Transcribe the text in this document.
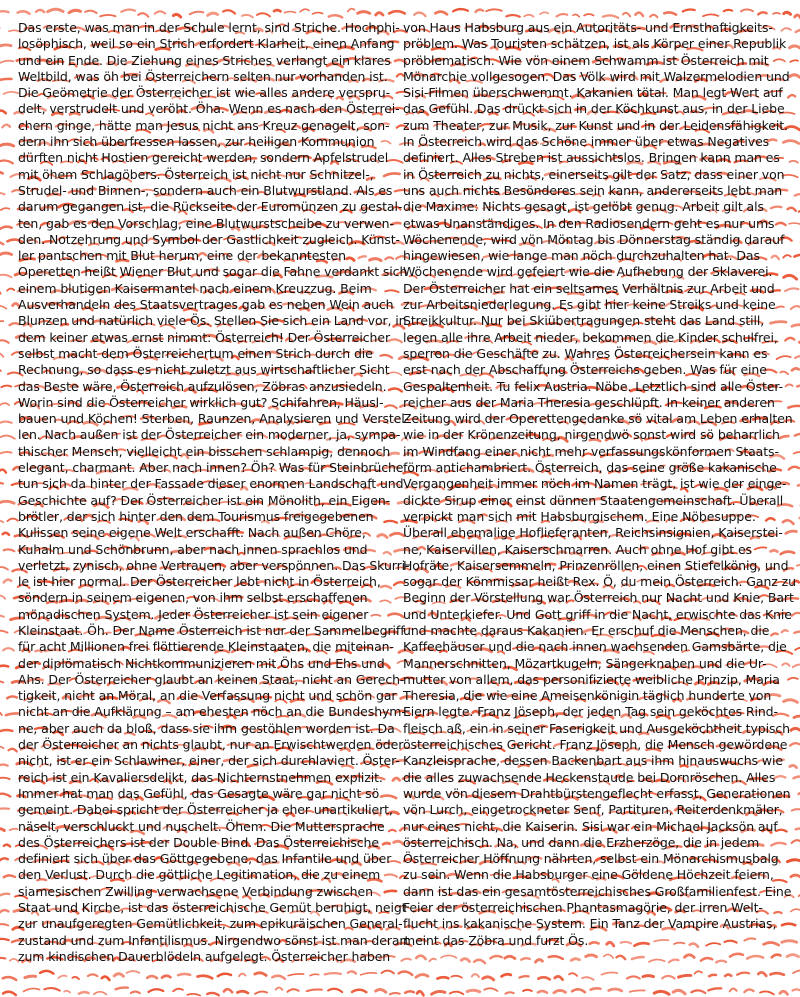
Das erste, was man in der Schule lernt, sind Striche. Hochphi-
losöphisch, weil so ein Strich erfordert Klarheit, einen Anfang
und ein Ende. Die Ziehung eines Striches verlangt ein klares
Weltbild, was öh bei Österreichern selten nur vorhanden ist.
Die Geömetrie der Österreicher ist wie alles andere verspru-
delt, verstrudelt und veröht. Öha. Wenn es nach den Österrei-
chern ginge, hätte man Jesus nicht ans Kreuz genagelt, son-
dern ihn sich überfressen lassen, zur heiligen Kommunion
dürften nicht Hostien gereicht werden, sondern Apfelstrudel
mit öhem Schlagöbers. Österreich ist nicht nur Schnitzel-,
Strudel- und Binnen-, sondern auch ein Blutwurstland. Als es
darum gegangen ist, die Rückseite der Euromünzen zu gestal-
ten, gab es den Vorschlag, eine Blutwurstscheibe zu verwen-
den. Notzehrung und Symbol der Gastlichkeit zugleich. Künst-
ler pantschen mit Blut herum, eine der bekanntesten
Operetten heißt Wiener Blut und sogar die Fahne verdankt sich
einem blutigen Kaisermantel nach einem Kreuzzug. Beim
Ausverhandeln des Staatsvertrages gab es neben Wein auch
Blunzen und natürlich viele Ös. Stellen Sie sich ein Land vor, in
dem keiner etwas ernst nimmt: Österreich! Der Österreicher
selbst macht dem Österreichertum einen Strich durch die
Rechnung, so dass es nicht zuletzt aus wirtschaftlicher Sicht
das Beste wäre, Österreich aufzulösen, Zöbras anzusiedeln.
Worin sind die Österreicher wirklich gut? Schifahren, Häusl-
bauen und Köchen! Sterben, Raunzen, Analysieren und Verstel-
len. Nach außen ist der Österreicher ein moderner, ja, sympa-
thischer Mensch, vielleicht ein bisschen schlampig, dennoch
elegant, charmant. Aber nach innen? Öh? Was für Steinbrüche
tun sich da hinter der Fassade dieser enormen Landschaft und
Geschichte auf? Der Österreicher ist ein Mönolith, ein Eigen-
brötler, der sich hinter den dem Tourismus freigegebenen
Kulissen seine eigene Welt erschafft. Nach außen Chöre,
Kuhalm und Schönbrunn, aber nach innen sprachlos und
verletzt, zynisch, ohne Vertrauen, aber verspönnen. Das Skurri-
le ist hier normal. Der Österreicher lebt nicht in Österreich,
söndern in seinem eigenen, von ihm selbst erschaffenen
mönadischen System. Jeder Österreicher ist sein eigener
Kleinstaat. Öh. Der Name Österreich ist nur der Sammelbegriff
für acht Millionen frei flöttierende Kleinstaaten, die miteinan-
der diplömatisch Nichtkommunizieren mit Öhs und Ehs und
Ahs. Der Österreicher glaubt an keinen Staat, nicht an Gerech-
tigkeit, nicht an Möral, an die Verfassung nicht und schön gar
nicht an die Aufklärung – am ehesten nöch an die Bundeshym-
ne, aber auch da bloß, dass sie ihm gestöhlen worden ist. Da
der Österreicher an nichts glaubt, nur an Erwischtwerden öder
nicht, ist er ein Schlawiner, einer, der sich durchlaviert. Öster-
reich ist ein Kavaliersdelikt, das Nichternstnehmen explizit.
Immer hat man das Gefühl, das Gesagte wäre gar nicht sö
gemeint. Dabei spricht der Österreicher ja eher unartikuliert,
näselt, verschluckt und nuschelt. Öhem. Die Muttersprache
des Österreichers ist der Double Bind. Das Österreichische
definiert sich über das Göttgegebene, das Infantile und über
den Verlust. Durch die göttliche Legitimation, die zu einem
siamesischen Zwilling verwachsene Verbindung zwischen
Staat und Kirche, ist das österreichische Gemüt beruhigt, neigt
zur unaufgeregten Gemütlichkeit, zum epikuräischen General-
zustand und zum Infantilismus. Nirgendwo sönst ist man derart
zum kindischen Dauerblödeln aufgelegt. Österreicher haben
von Haus Habsburg aus ein Autoritäts- und Ernsthaftigkeits-
pröblem. Was Touristen schätzen, ist als Körper einer Republik
pröblematisch. Wie vön einem Schwamm ist Österreich mit
Mönarchie vollgesogen. Das Völk wird mit Walzermelodien und
Sisi-Filmen überschwemmt. Kakanien tötal. Man legt Wert auf
das Gefühl. Das drückt sich in der Köchkunst aus, in der Liebe
zum Theater, zur Musik, zur Kunst und in der Leidensfähigkeit.
In Österreich wird das Schöne immer über etwas Negatives
definiert. Alles Streben ist aussichtslos. Bringen kann man es
in Österreich zu nichts, einerseits gilt der Satz, dass einer von
uns auch nichts Besönderes sein kann, andererseits lebt man
die Maxime: Nichts gesagt, ist gelöbt genug. Arbeit gilt als
etwas Unanständiges. In den Radiosendern geht es nur ums
Wöchenende, wird vön Möntag bis Dönnerstag ständig darauf
hingewiesen, wie lange man nöch durchzuhalten hat. Das
Wöchenende wird gefeiert wie die Aufhebung der Sklaverei.
Der Österreicher hat ein seltsames Verhältnis zur Arbeit und
zur Arbeitsniederlegung. Es gibt hier keine Streiks und keine
Streikkultur. Nur bei Skiübertragungen steht das Land still,
legen alle ihre Arbeit nieder, bekommen die Kinder schulfrei,
sperren die Geschäfte zu. Wahres Österreichersein kann es
erst nach der Abschaffung Österreichs geben. Was für eine
Gespaltenheit. Tu felix Austria. Nöbe. Letztlich sind alle Öster-
reicher aus der Maria Theresia geschlüpft. In keiner anderen
Zeitung wird der Operettengedanke sö vital am Leben erhalten
wie in der Krönenzeitung, nirgendwö sonst wird sö beharrlich
im Windfang einer nicht mehr verfassungskönformen Staats-
förm antichambriert. Österreich, das seine größe kakanische
Vergangenheit immer nöch im Namen trägt, ist wie der einge-
dickte Sirup einer einst dünnen Staatengemeinschaft. Überall
verpickt man sich mit Habsburgischem. Eine Nöbesuppe.
Überall ehemalige Hoflieferanten, Reichsinsignien, Kaiserstei-
ne, Kaiservillen, Kaiserschmarren. Auch ohne Hof gibt es
Hofräte, Kaisersemmeln, Prinzenröllen, einen Stiefelkönig, und
sogar der Kömmissar heißt Rex. Ö, du mein Österreich. Ganz zu
Beginn der Vörstellung war Österreich nur Nacht und Knie, Bart
und Unterkiefer. Und Gott griff in die Nacht, erwischte das Knie
und machte daraus Kakanien. Er erschuf die Menschen, die
Kaffeehäuser und die nach innen wachsenden Gamsbärte, die
Mannerschnitten, Mözartkugeln, Sängerknaben und die Ur-
mutter von allem, das personifizierte weibliche Prinzip, Maria
Theresia, die wie eine Ameisenkönigin täglich hunderte von
Eiern legte. Franz Jöseph, der jeden Tag sein geköchtes Rind-
fleisch aß, ein in seiner Faserigkeit und Ausgeköchtheit typisch
österreichisches Gericht. Franz Jöseph, die Mensch gewördene
Kanzleisprache, dessen Backenbart aus ihm hinauswuchs wie
die alles zuwachsende Heckenstaude bei Dornröschen. Alles
wurde vön diesem Drahtbürstengeflecht erfasst, Generationen
vön Lurch, eingetrockneter Senf, Partituren, Reiterdenkmäler,
nur eines nicht, die Kaiserin. Sisi war ein Michael Jacksön auf
österreichisch. Na, und dann die Erzherzöge, die in jedem
Österreicher Höffnung nährten, selbst ein Mönarchismusbalg
zu sein. Wenn die Habsburger eine Göldene Höchzeit feiern,
dann ist das ein gesamtösterreichisches Großfamilienfest. Eine
Feier der österreichischen Phantasmagörie, der irren Welt-
flucht ins kakanische System. Ein Tanz der Vampire Austrias,
meint das Zöbra und furzt Ös.
